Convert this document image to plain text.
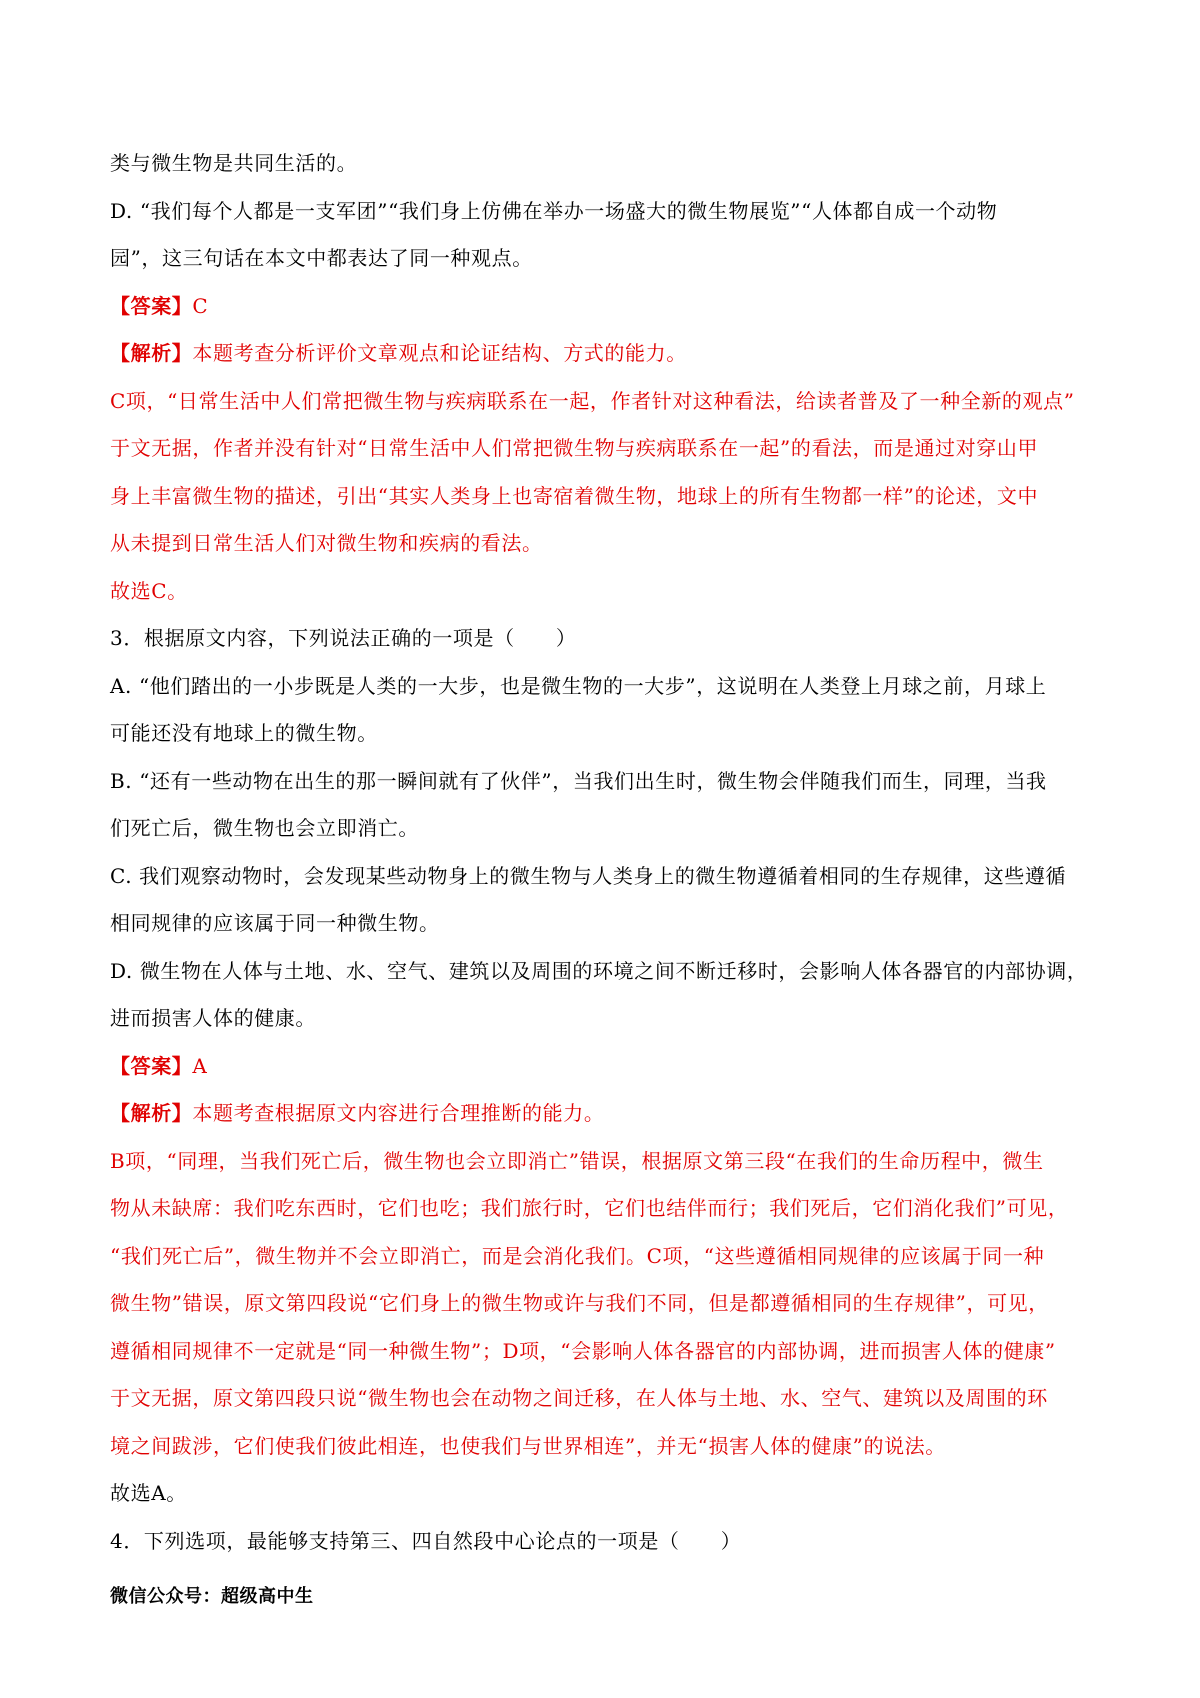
类与微生物是共同生活的。

D. “我们每个人都是一支军团”“我们身上仿佛在举办一场盛大的微生物展览”“人体都自成一个动物

园”，这三句话在本文中都表达了同一种观点。

【答案】C

【解析】本题考查分析评价文章观点和论证结构、方式的能力。

C项，“日常生活中人们常把微生物与疾病联系在一起，作者针对这种看法，给读者普及了一种全新的观点”

于文无据，作者并没有针对“日常生活中人们常把微生物与疾病联系在一起”的看法，而是通过对穿山甲

身上丰富微生物的描述，引出“其实人类身上也寄宿着微生物，地球上的所有生物都一样”的论述，文中

从未提到日常生活人们对微生物和疾病的看法。

故选C。

3．根据原文内容，下列说法正确的一项是（　　）

A. “他们踏出的一小步既是人类的一大步，也是微生物的一大步”，这说明在人类登上月球之前，月球上

可能还没有地球上的微生物。

B. “还有一些动物在出生的那一瞬间就有了伙伴”，当我们出生时，微生物会伴随我们而生，同理，当我

们死亡后，微生物也会立即消亡。

C. 我们观察动物时，会发现某些动物身上的微生物与人类身上的微生物遵循着相同的生存规律，这些遵循

相同规律的应该属于同一种微生物。

D. 微生物在人体与土地、水、空气、建筑以及周围的环境之间不断迁移时，会影响人体各器官的内部协调，

进而损害人体的健康。

【答案】A

【解析】本题考查根据原文内容进行合理推断的能力。

B项，“同理，当我们死亡后，微生物也会立即消亡”错误，根据原文第三段“在我们的生命历程中，微生

物从未缺席：我们吃东西时，它们也吃；我们旅行时，它们也结伴而行；我们死后，它们消化我们”可见，

“我们死亡后”，微生物并不会立即消亡，而是会消化我们。C项，“这些遵循相同规律的应该属于同一种

微生物”错误，原文第四段说“它们身上的微生物或许与我们不同，但是都遵循相同的生存规律”，可见，

遵循相同规律不一定就是“同一种微生物”；D项，“会影响人体各器官的内部协调，进而损害人体的健康”

于文无据，原文第四段只说“微生物也会在动物之间迁移，在人体与土地、水、空气、建筑以及周围的环

境之间跋涉，它们使我们彼此相连，也使我们与世界相连”，并无“损害人体的健康”的说法。

故选A。

4．下列选项，最能够支持第三、四自然段中心论点的一项是（　　）

微信公众号：超级高中生
